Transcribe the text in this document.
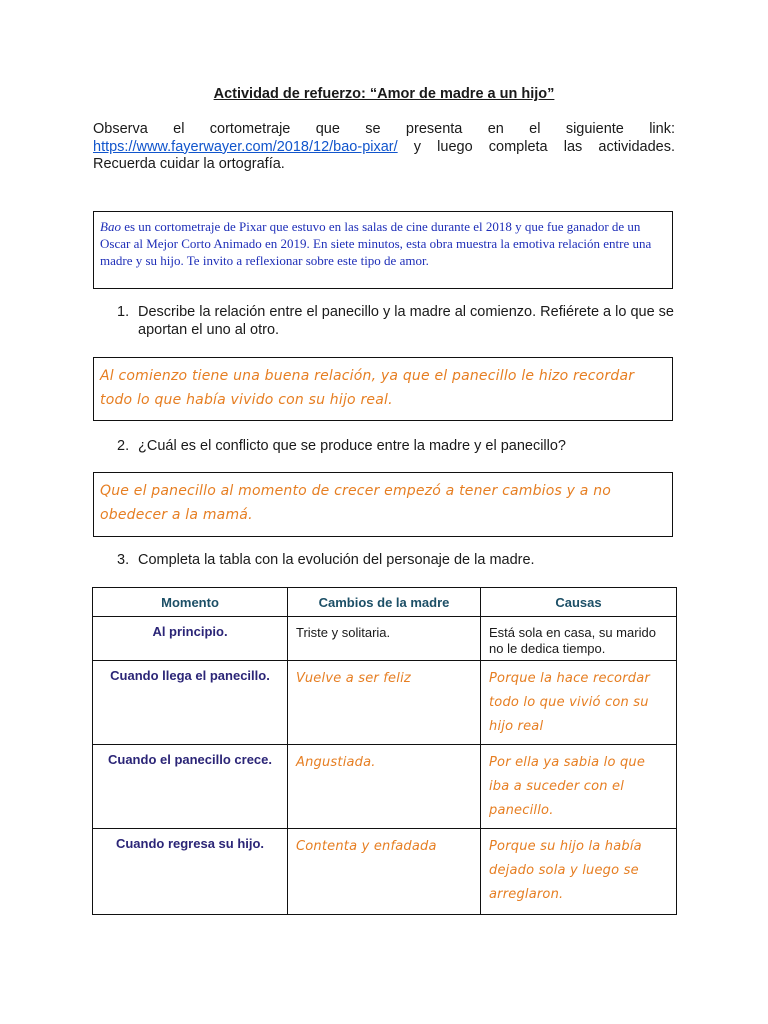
Actividad de refuerzo: “Amor de madre a un hijo”
Observa el cortometraje que se presenta en el siguiente link: https://www.fayerwayer.com/2018/12/bao-pixar/ y luego completa las actividades. Recuerda cuidar la ortografía.
Bao es un cortometraje de Pixar que estuvo en las salas de cine durante el 2018 y que fue ganador de un Oscar al Mejor Corto Animado en 2019. En siete minutos, esta obra muestra la emotiva relación entre una madre y su hijo. Te invito a reflexionar sobre este tipo de amor.
1. Describe la relación entre el panecillo y la madre al comienzo. Refiérete a lo que se aportan el uno al otro.
Al comienzo tiene una buena relación, ya que el panecillo le hizo recordar todo lo que había vivido con su hijo real.
2. ¿Cuál es el conflicto que se produce entre la madre y el panecillo?
Que el panecillo al momento de crecer empezó a tener cambios y a no obedecer a la mamá.
3. Completa la tabla con la evolución del personaje de la madre.
Momento	Cambios de la madre	Causas
Al principio.	Triste y solitaria.	Está sola en casa, su marido no le dedica tiempo.
Cuando llega el panecillo.	Vuelve a ser feliz	Porque la hace recordar todo lo que vivió con su hijo real
Cuando el panecillo crece.	Angustiada.	Por ella ya sabia lo que iba a suceder con el panecillo.
Cuando regresa su hijo.	Contenta y enfadada	Porque su hijo la había dejado sola y luego se arreglaron.
